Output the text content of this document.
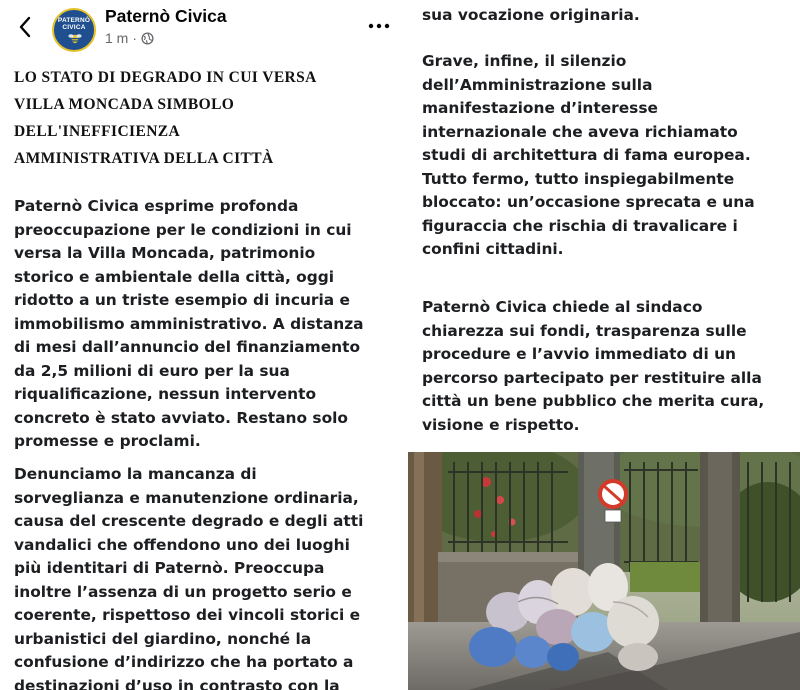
PATERNÒ
CIVICA
Paternò Civica
1 m ·
LO STATO DI DEGRADO IN CUI VERSA
VILLA MONCADA SIMBOLO
DELL'INEFFICIENZA
AMMINISTRATIVA DELLA CITTÀ
Paternò Civica esprime profonda
preoccupazione per le condizioni in cui
versa la Villa Moncada, patrimonio
storico e ambientale della città, oggi
ridotto a un triste esempio di incuria e
immobilismo amministrativo. A distanza
di mesi dall’annuncio del finanziamento
da 2,5 milioni di euro per la sua
riqualificazione, nessun intervento
concreto è stato avviato. Restano solo
promesse e proclami.
Denunciamo la mancanza di
sorveglianza e manutenzione ordinaria,
causa del crescente degrado e degli atti
vandalici che offendono uno dei luoghi
più identitari di Paternò. Preoccupa
inoltre l’assenza di un progetto serio e
coerente, rispettoso dei vincoli storici e
urbanistici del giardino, nonché la
confusione d’indirizzo che ha portato a
destinazioni d’uso in contrasto con la
sua vocazione originaria.
Grave, infine, il silenzio
dell’Amministrazione sulla
manifestazione d’interesse
internazionale che aveva richiamato
studi di architettura di fama europea.
Tutto fermo, tutto inspiegabilmente
bloccato: un’occasione sprecata e una
figuraccia che rischia di travalicare i
confini cittadini.
Paternò Civica chiede al sindaco
chiarezza sui fondi, trasparenza sulle
procedure e l’avvio immediato di un
percorso partecipato per restituire alla
città un bene pubblico che merita cura,
visione e rispetto.
